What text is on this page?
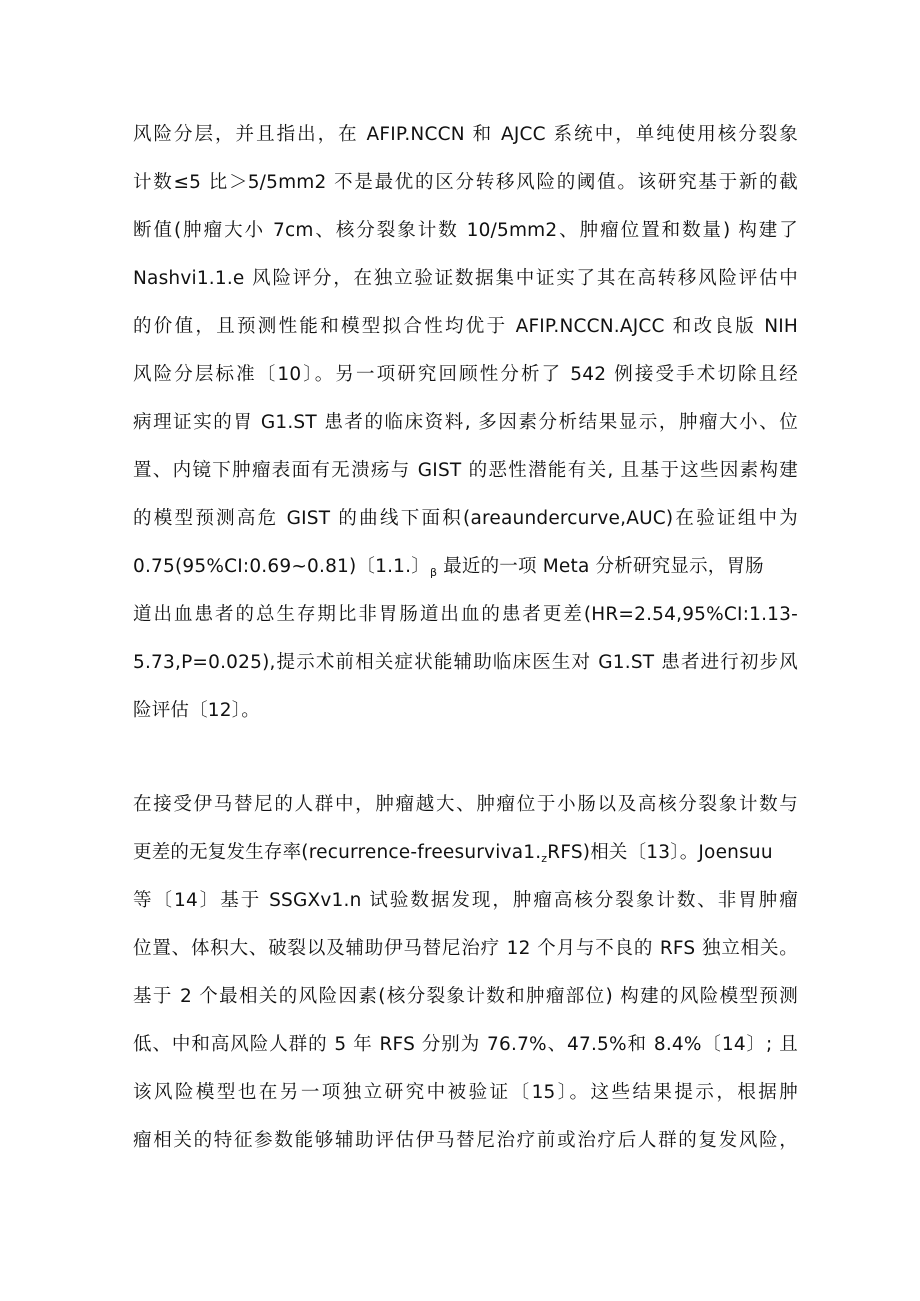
风险分层，并且指出，在 AFIP.NCCN 和 AJCC 系统中，单纯使用核分裂象
计数≤5 比＞5/5mm2 不是最优的区分转移风险的阈值。该研究基于新的截
断值(肿瘤大小 7cm、核分裂象计数 10/5mm2、肿瘤位置和数量) 构建了
Nashvi1.1.e 风险评分，在独立验证数据集中证实了其在高转移风险评估中
的价值，且预测性能和模型拟合性均优于 AFIP.NCCN.AJCC 和改良版 NIH
风险分层标准〔10〕。另一项研究回顾性分析了 542 例接受手术切除且经
病理证实的胃 G1.ST 患者的临床资料, 多因素分析结果显示，肿瘤大小、位
置、内镜下肿瘤表面有无溃疡与 GIST 的恶性潜能有关, 且基于这些因素构建
的模型预测高危 GIST 的曲线下面积(areaundercurve,AUC)在验证组中为
0.75(95%CI:0.69~0.81)〔1.1.〕$_\beta$ 最近的一项 Meta 分析研究显示，胃肠
道出血患者的总生存期比非胃肠道出血的患者更差(HR=2.54,95%CI:1.13-
5.73,P=0.025),提示术前相关症状能辅助临床医生对 G1.ST 患者进行初步风
险评估〔12〕。
在接受伊马替尼的人群中，肿瘤越大、肿瘤位于小肠以及高核分裂象计数与
更差的无复发生存率$(recurrence-freesurviva1._zRFS)$相关〔13〕。Joensuu
等〔14〕基于 SSGXv1.n 试验数据发现，肿瘤高核分裂象计数、非胃肿瘤
位置、体积大、破裂以及辅助伊马替尼治疗 12 个月与不良的 RFS 独立相关。
基于 2 个最相关的风险因素(核分裂象计数和肿瘤部位) 构建的风险模型预测
低、中和高风险人群的 5 年 RFS 分别为 76.7%、47.5%和 8.4%〔14〕; 且
该风险模型也在另一项独立研究中被验证〔15〕。这些结果提示，根据肿
瘤相关的特征参数能够辅助评估伊马替尼治疗前或治疗后人群的复发风险，
